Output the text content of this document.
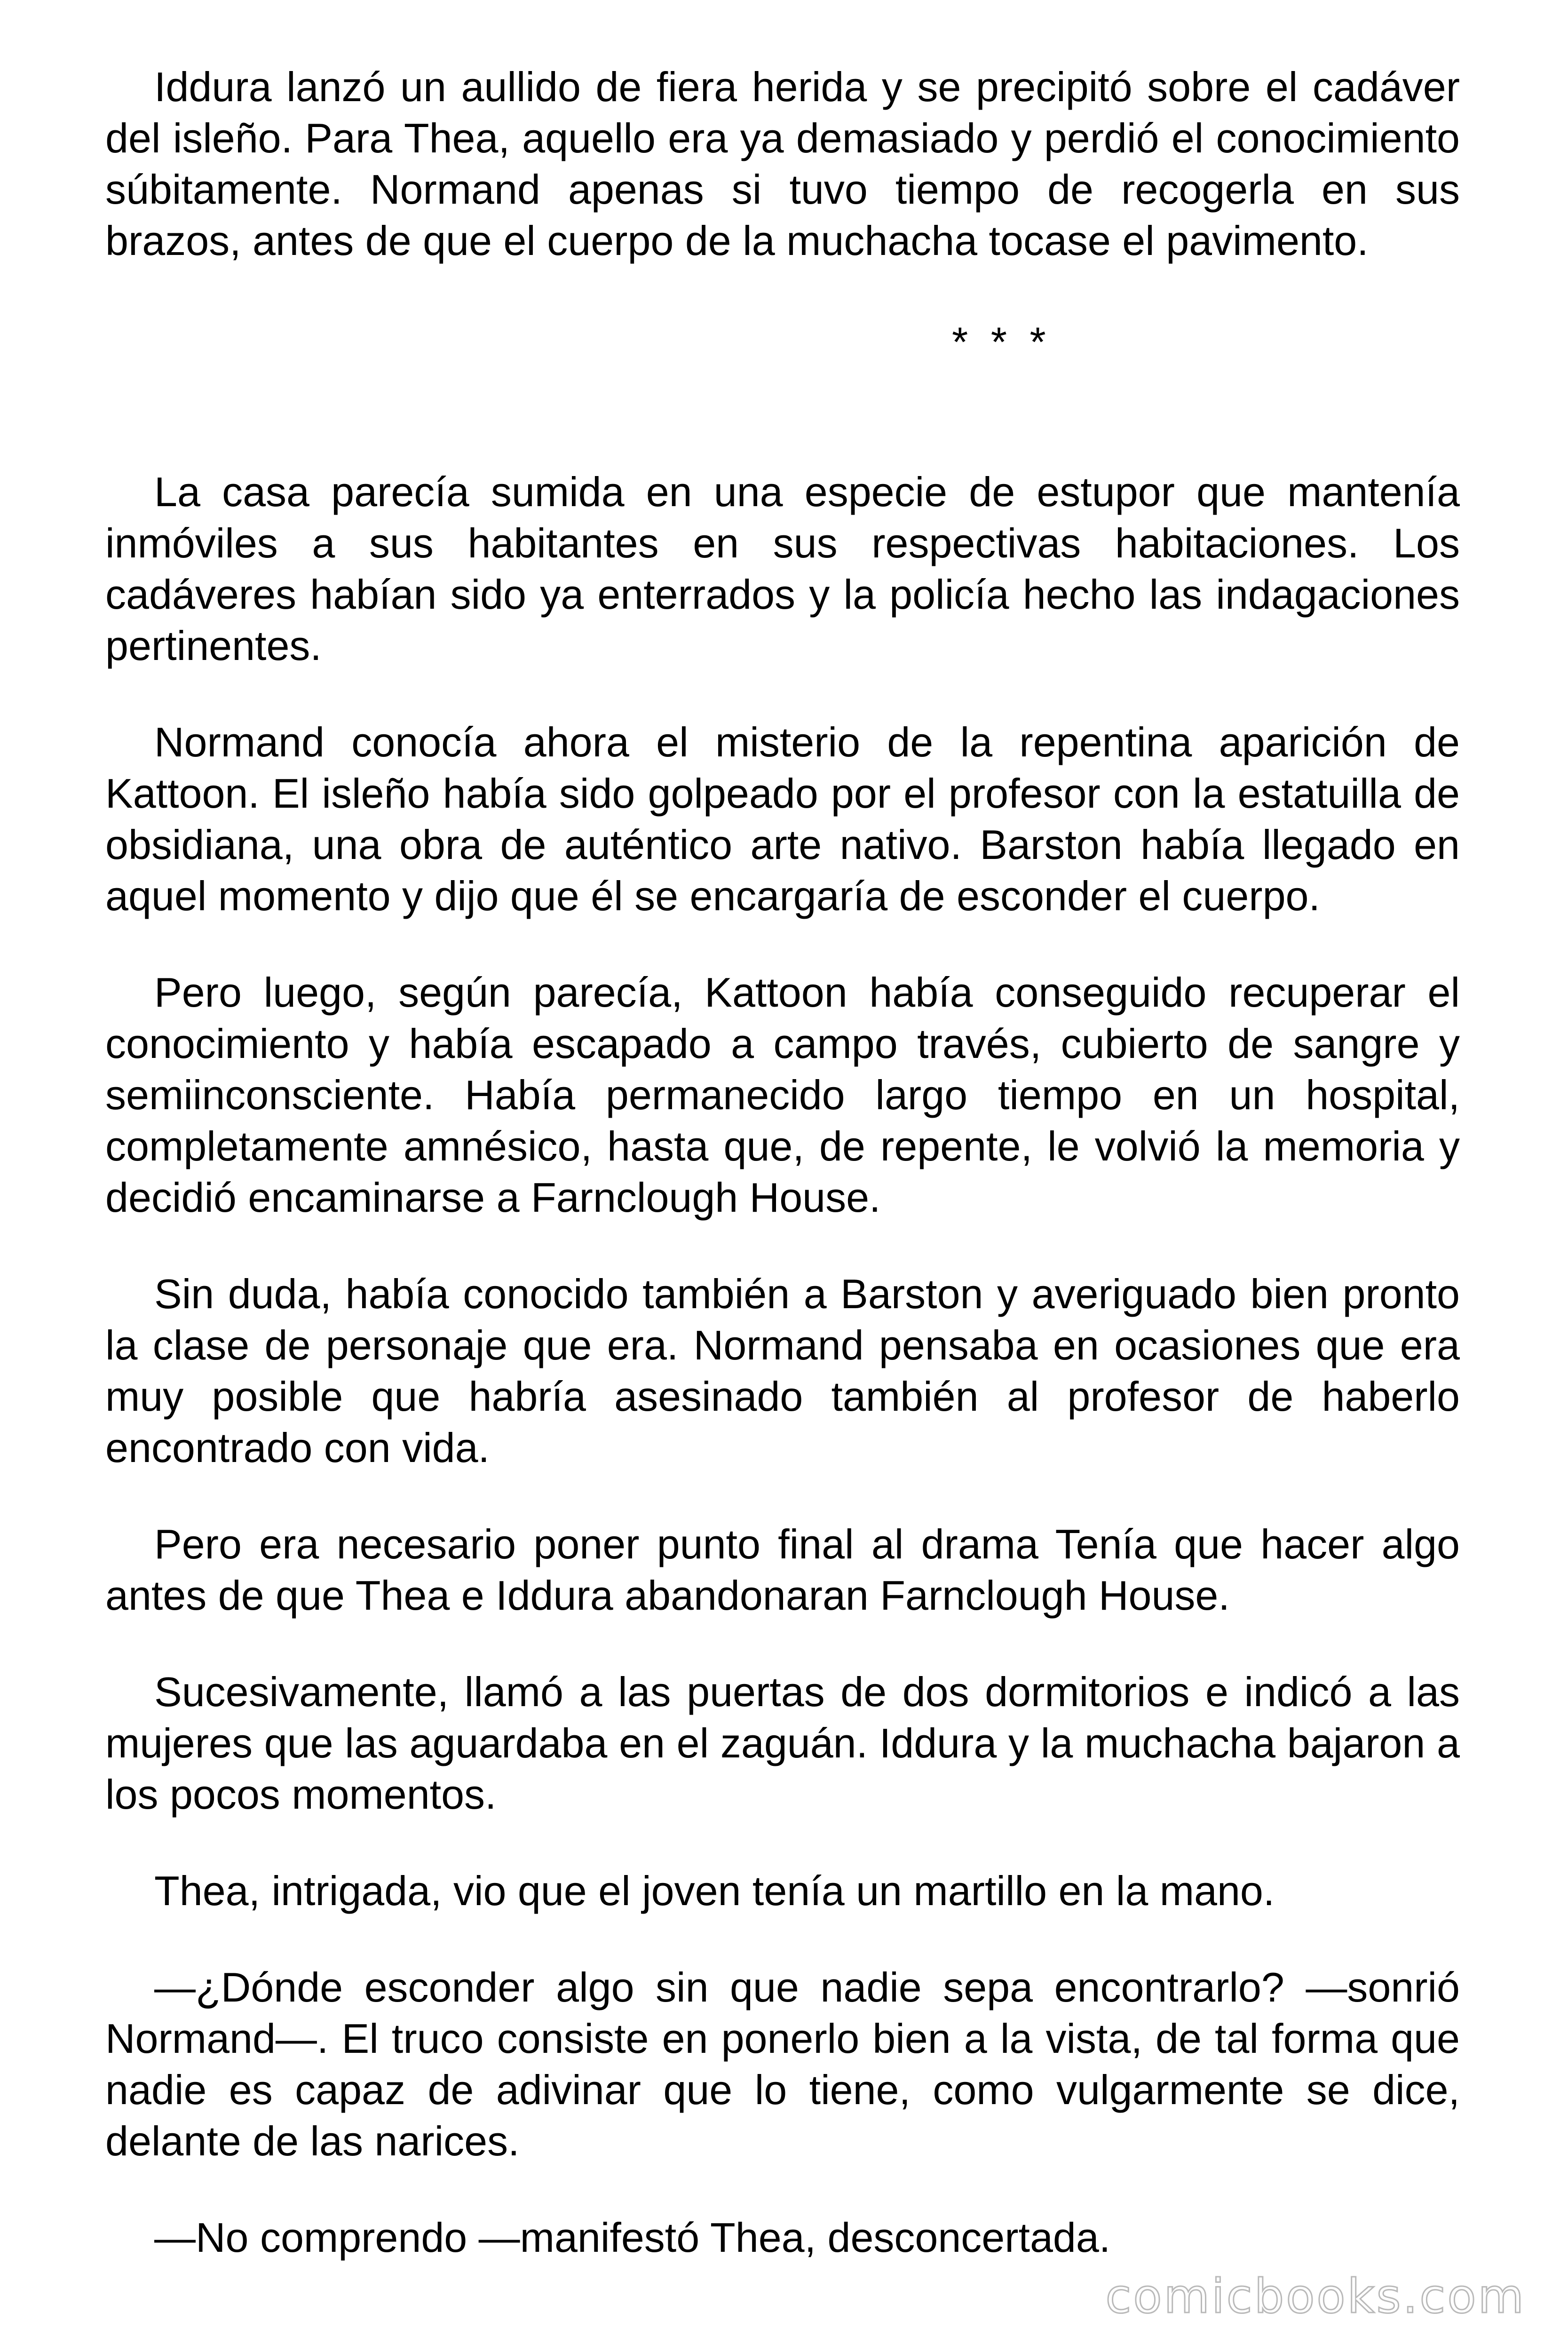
Iddura lanzó un aullido de fiera herida y se precipitó sobre el cadáver del isleño. Para Thea, aquello era ya demasiado y perdió el conocimiento súbitamente. Normand apenas si tuvo tiempo de recogerla en sus brazos, antes de que el cuerpo de la muchacha tocase el pavimento.

* * *

La casa parecía sumida en una especie de estupor que mantenía inmóviles a sus habitantes en sus respectivas habitaciones. Los cadáveres habían sido ya enterrados y la policía hecho las indagaciones pertinentes.

Normand conocía ahora el misterio de la repentina aparición de Kattoon. El isleño había sido golpeado por el profesor con la estatuilla de obsidiana, una obra de auténtico arte nativo. Barston había llegado en aquel momento y dijo que él se encargaría de esconder el cuerpo.

Pero luego, según parecía, Kattoon había conseguido recuperar el conocimiento y había escapado a campo través, cubierto de sangre y semiinconsciente. Había permanecido largo tiempo en un hospital, completamente amnésico, hasta que, de repente, le volvió la memoria y decidió encaminarse a Farnclough House.

Sin duda, había conocido también a Barston y averiguado bien pronto la clase de personaje que era. Normand pensaba en ocasiones que era muy posible que habría asesinado también al profesor de haberlo encontrado con vida.

Pero era necesario poner punto final al drama Tenía que hacer algo antes de que Thea e Iddura abandonaran Farnclough House.

Sucesivamente, llamó a las puertas de dos dormitorios e indicó a las mujeres que las aguardaba en el zaguán. Iddura y la muchacha bajaron a los pocos momentos.

Thea, intrigada, vio que el joven tenía un martillo en la mano.

—¿Dónde esconder algo sin que nadie sepa encontrarlo? —sonrió Normand—. El truco consiste en ponerlo bien a la vista, de tal forma que nadie es capaz de adivinar que lo tiene, como vulgarmente se dice, delante de las narices.

—No comprendo —manifestó Thea, desconcertada.

comicbooks.com
